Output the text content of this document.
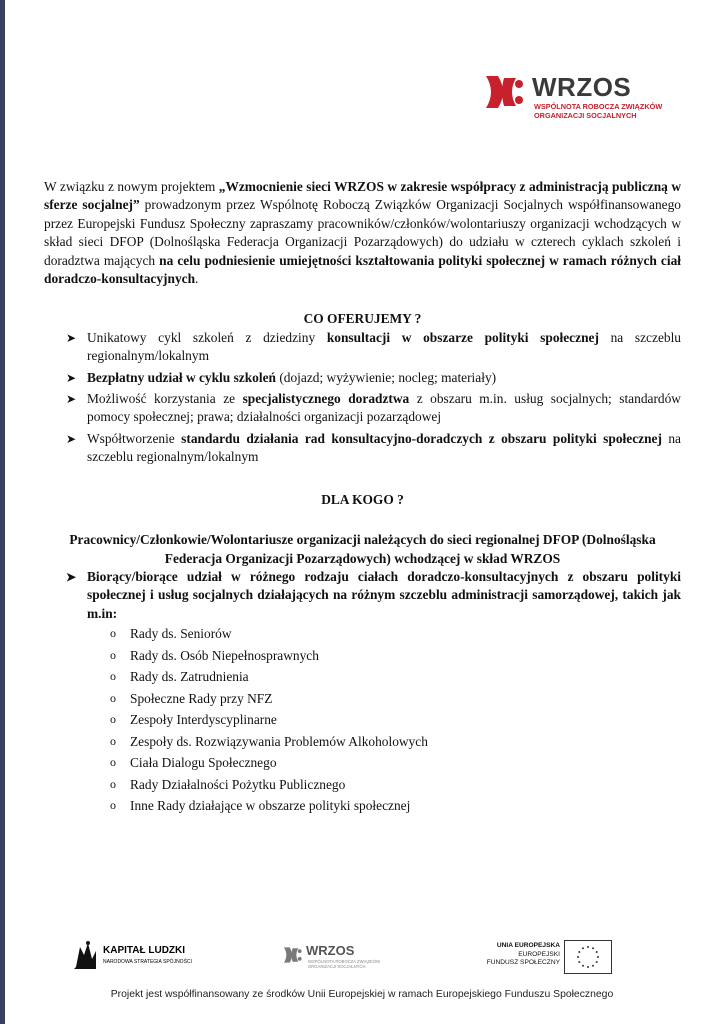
WRZOS
WSPÓLNOTA ROBOCZA ZWIĄZKÓW
ORGANIZACJI SOCJALNYCH

W związku z nowym projektem „Wzmocnienie sieci WRZOS w zakresie współpracy z administracją publiczną w sferze socjalnej” prowadzonym przez Wspólnotę Roboczą Związków Organizacji Socjalnych współfinansowanego przez Europejski Fundusz Społeczny zapraszamy pracowników/członków/wolontariuszy organizacji wchodzących w skład sieci DFOP (Dolnośląska Federacja Organizacji Pozarządowych) do udziału w czterech cyklach szkoleń i doradztwa mających na celu podniesienie umiejętności kształtowania polityki społecznej w ramach różnych ciał doradczo-konsultacyjnych.

CO OFERUJEMY ?

➤ Unikatowy cykl szkoleń z dziedziny konsultacji w obszarze polityki społecznej na szczeblu regionalnym/lokalnym
➤ Bezpłatny udział w cyklu szkoleń (dojazd; wyżywienie; nocleg; materiały)
➤ Możliwość korzystania ze specjalistycznego doradztwa z obszaru m.in. usług socjalnych; standardów pomocy społecznej; prawa; działalności organizacji pozarządowej
➤ Współtworzenie standardu działania rad konsultacyjno-doradczych z obszaru polityki społecznej na szczeblu regionalnym/lokalnym

DLA KOGO ?

Pracownicy/Członkowie/Wolontariusze organizacji należących do sieci regionalnej DFOP (Dolnośląska
Federacja Organizacji Pozarządowych) wchodzącej w skład WRZOS
➤ Biorący/biorące udział w różnego rodzaju ciałach doradczo-konsultacyjnych z obszaru polityki społecznej i usług socjalnych działających na różnym szczeblu administracji samorządowej, takich jak m.in:
o Rady ds. Seniorów
o Rady ds. Osób Niepełnosprawnych
o Rady ds. Zatrudnienia
o Społeczne Rady przy NFZ
o Zespoły Interdyscyplinarne
o Zespoły ds. Rozwiązywania Problemów Alkoholowych
o Ciała Dialogu Społecznego
o Rady Działalności Pożytku Publicznego
o Inne Rady działające w obszarze polityki społecznej
KAPITAŁ LUDZKI
NARODOWA STRATEGIA SPÓJNOŚCI
WRZOS
WSPÓLNOTA ROBOCZA ZWIĄZKÓW
ORGANIZACJI SOCJALNYCH
UNIA EUROPEJSKA
EUROPEJSKI
FUNDUSZ SPOŁECZNY
Projekt jest współfinansowany ze środków Unii Europejskiej w ramach Europejskiego Funduszu Społecznego
